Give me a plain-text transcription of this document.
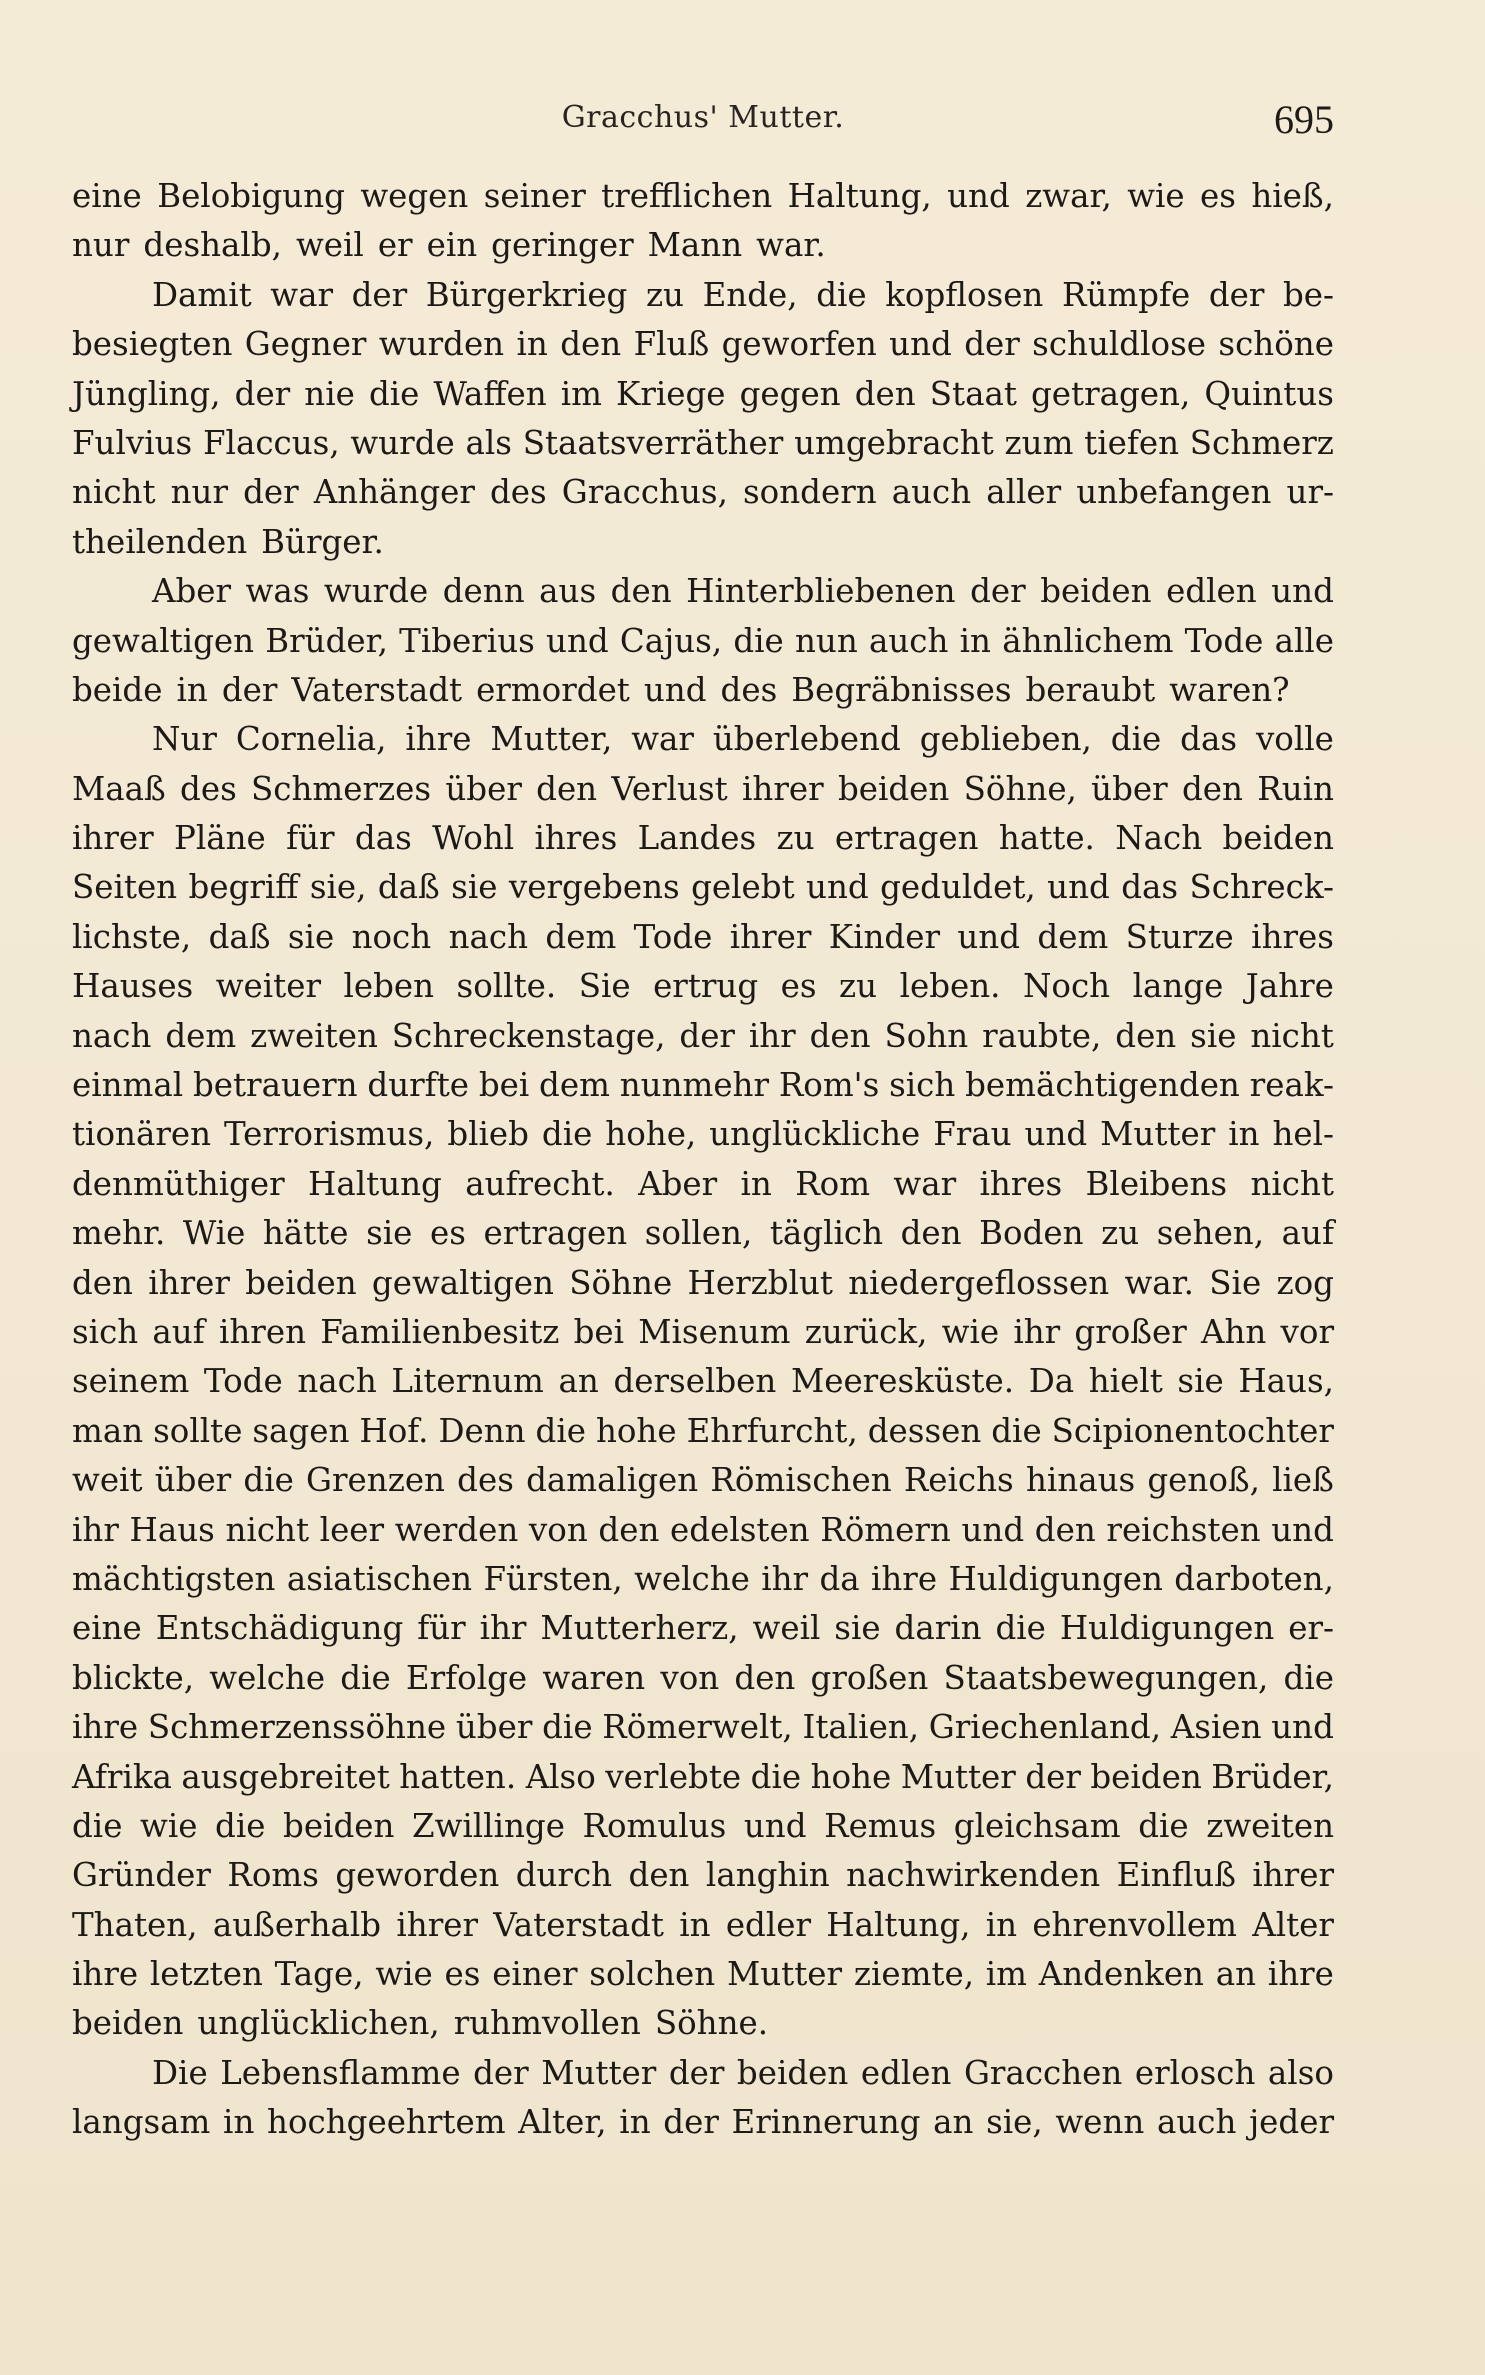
Gracchus' Mutter.	695
eine Belobigung wegen seiner trefflichen Haltung, und zwar, wie es hieß,
nur deshalb, weil er ein geringer Mann war.
Damit war der Bürgerkrieg zu Ende, die kopflosen Rümpfe der be-
besiegten Gegner wurden in den Fluß geworfen und der schuldlose schöne
Jüngling, der nie die Waffen im Kriege gegen den Staat getragen, Quintus
Fulvius Flaccus, wurde als Staatsverräther umgebracht zum tiefen Schmerz
nicht nur der Anhänger des Gracchus, sondern auch aller unbefangen ur-
theilenden Bürger.
Aber was wurde denn aus den Hinterbliebenen der beiden edlen und
gewaltigen Brüder, Tiberius und Cajus, die nun auch in ähnlichem Tode alle
beide in der Vaterstadt ermordet und des Begräbnisses beraubt waren?
Nur Cornelia, ihre Mutter, war überlebend geblieben, die das volle
Maaß des Schmerzes über den Verlust ihrer beiden Söhne, über den Ruin
ihrer Pläne für das Wohl ihres Landes zu ertragen hatte. Nach beiden
Seiten begriff sie, daß sie vergebens gelebt und geduldet, und das Schreck-
lichste, daß sie noch nach dem Tode ihrer Kinder und dem Sturze ihres
Hauses weiter leben sollte. Sie ertrug es zu leben. Noch lange Jahre
nach dem zweiten Schreckenstage, der ihr den Sohn raubte, den sie nicht
einmal betrauern durfte bei dem nunmehr Rom's sich bemächtigenden reak-
tionären Terrorismus, blieb die hohe, unglückliche Frau und Mutter in hel-
denmüthiger Haltung aufrecht. Aber in Rom war ihres Bleibens nicht
mehr. Wie hätte sie es ertragen sollen, täglich den Boden zu sehen, auf
den ihrer beiden gewaltigen Söhne Herzblut niedergeflossen war. Sie zog
sich auf ihren Familienbesitz bei Misenum zurück, wie ihr großer Ahn vor
seinem Tode nach Liternum an derselben Meeresküste. Da hielt sie Haus,
man sollte sagen Hof. Denn die hohe Ehrfurcht, dessen die Scipionentochter
weit über die Grenzen des damaligen Römischen Reichs hinaus genoß, ließ
ihr Haus nicht leer werden von den edelsten Römern und den reichsten und
mächtigsten asiatischen Fürsten, welche ihr da ihre Huldigungen darboten,
eine Entschädigung für ihr Mutterherz, weil sie darin die Huldigungen er-
blickte, welche die Erfolge waren von den großen Staatsbewegungen, die
ihre Schmerzenssöhne über die Römerwelt, Italien, Griechenland, Asien und
Afrika ausgebreitet hatten. Also verlebte die hohe Mutter der beiden Brüder,
die wie die beiden Zwillinge Romulus und Remus gleichsam die zweiten
Gründer Roms geworden durch den langhin nachwirkenden Einfluß ihrer
Thaten, außerhalb ihrer Vaterstadt in edler Haltung, in ehrenvollem Alter
ihre letzten Tage, wie es einer solchen Mutter ziemte, im Andenken an ihre
beiden unglücklichen, ruhmvollen Söhne.
Die Lebensflamme der Mutter der beiden edlen Gracchen erlosch also
langsam in hochgeehrtem Alter, in der Erinnerung an sie, wenn auch jeder
